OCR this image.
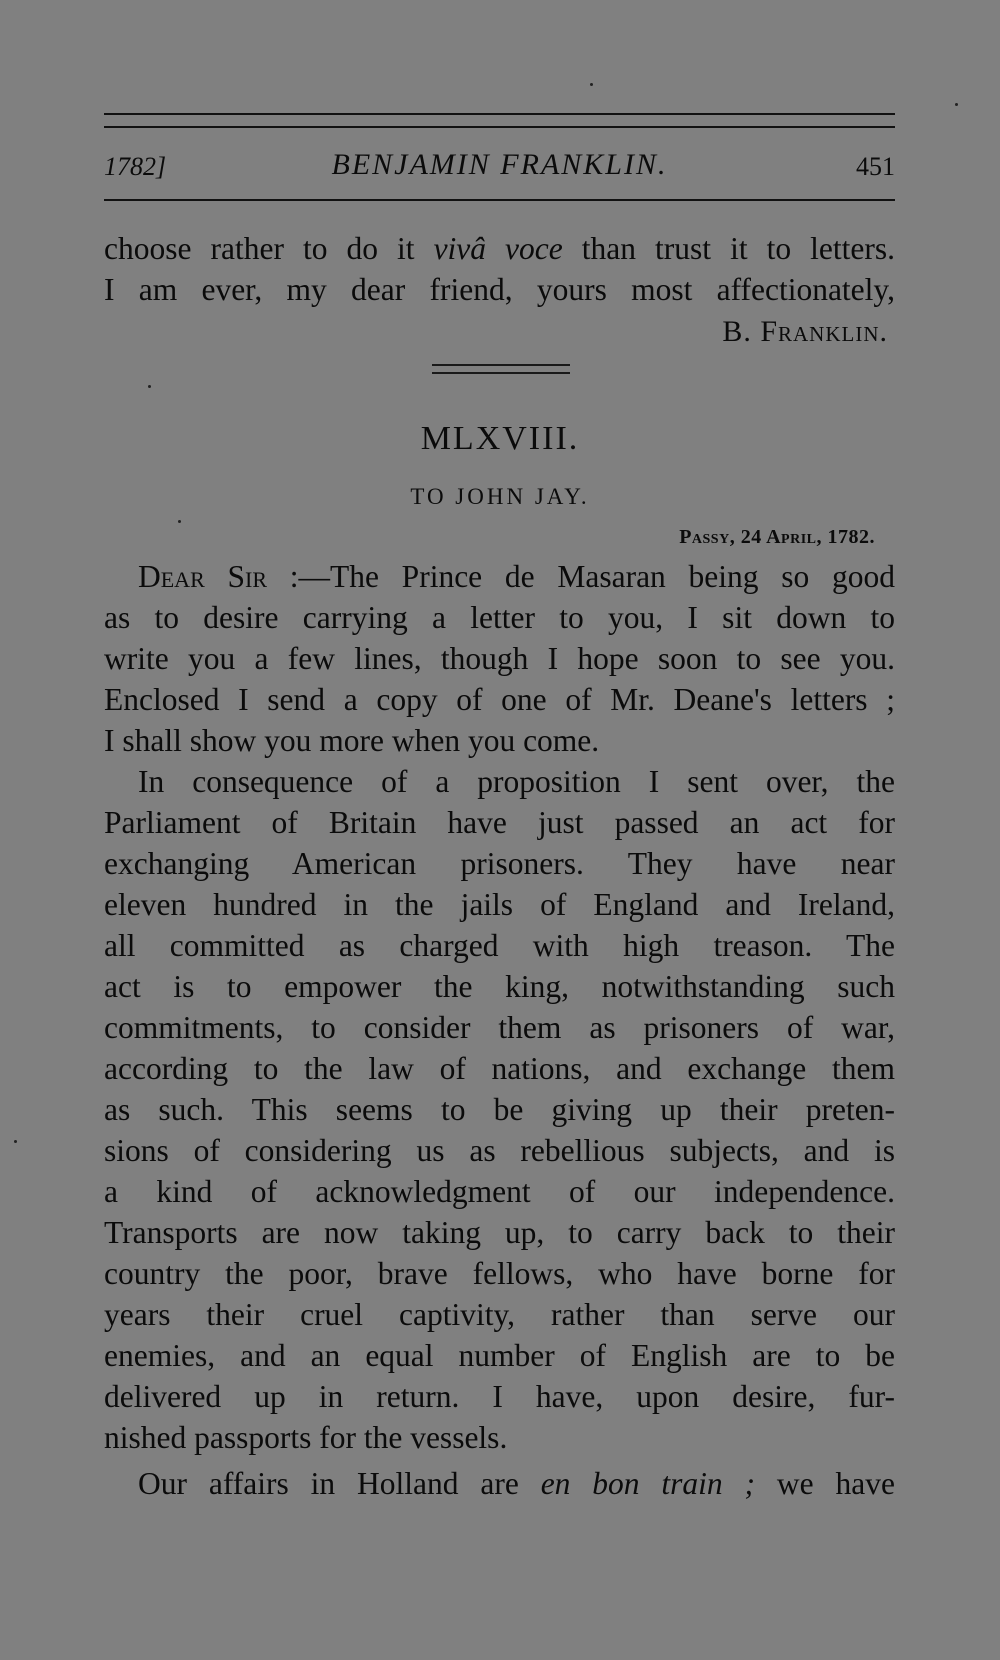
1782]	BENJAMIN FRANKLIN.	451
choose rather to do it vivâ voce than trust it to letters.
I am ever, my dear friend, yours most affectionately,
B. Franklin.
MLXVIII.
TO JOHN JAY.
Passy, 24 April, 1782.
Dear Sir :—The Prince de Masaran being so good
as to desire carrying a letter to you, I sit down to
write you a few lines, though I hope soon to see you.
Enclosed I send a copy of one of Mr. Deane's letters ;
I shall show you more when you come.
In consequence of a proposition I sent over, the
Parliament of Britain have just passed an act for
exchanging American prisoners. They have near
eleven hundred in the jails of England and Ireland,
all committed as charged with high treason. The
act is to empower the king, notwithstanding such
commitments, to consider them as prisoners of war,
according to the law of nations, and exchange them
as such. This seems to be giving up their preten-
sions of considering us as rebellious subjects, and is
a kind of acknowledgment of our independence.
Transports are now taking up, to carry back to their
country the poor, brave fellows, who have borne for
years their cruel captivity, rather than serve our
enemies, and an equal number of English are to be
delivered up in return. I have, upon desire, fur-
nished passports for the vessels.
Our affairs in Holland are en bon train ; we have
